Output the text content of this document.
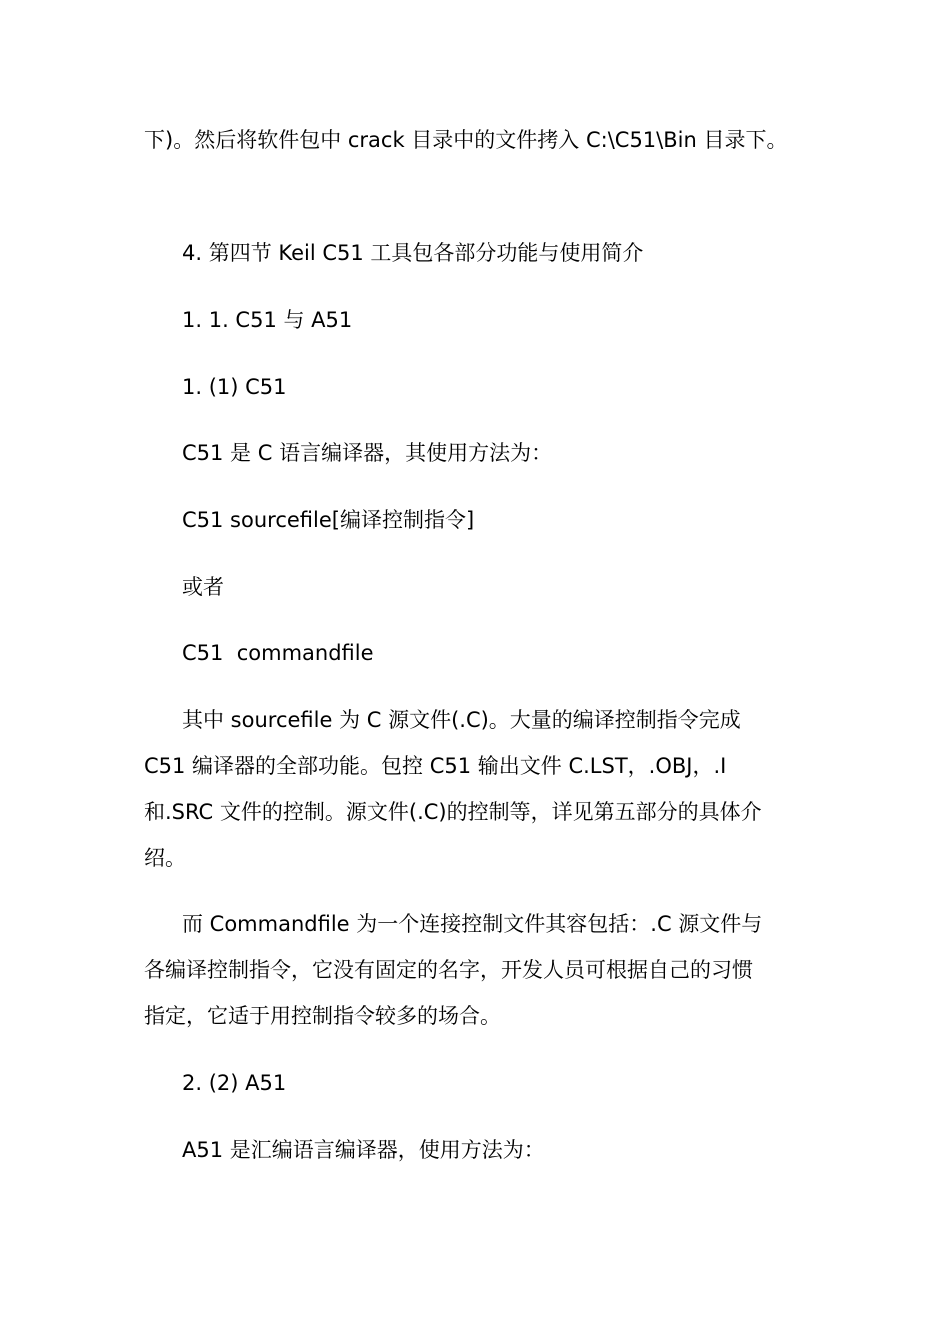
下)。然后将软件包中 crack 目录中的文件拷入 C:\C51\Bin 目录下。

4. 第四节 Keil C51 工具包各部分功能与使用简介

1. 1. C51 与 A51

1. (1) C51

C51 是 C 语言编译器，其使用方法为：

C51 sourcefile[编译控制指令]

或者

C51  commandfile

其中 sourcefile 为 C 源文件(.C)。大量的编译控制指令完成

C51 编译器的全部功能。包控 C51 输出文件 C.LST，.OBJ，.I

和.SRC 文件的控制。源文件(.C)的控制等，详见第五部分的具体介

绍。

而 Commandfile 为一个连接控制文件其容包括：.C 源文件与

各编译控制指令，它没有固定的名字，开发人员可根据自己的习惯

指定，它适于用控制指令较多的场合。

2. (2) A51

A51 是汇编语言编译器，使用方法为：
